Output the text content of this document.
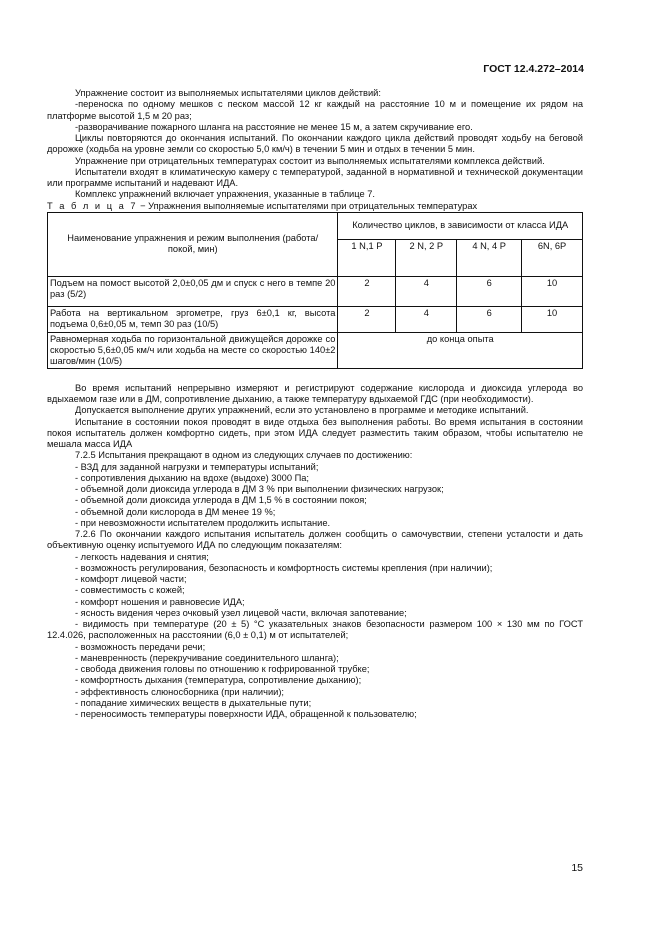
ГОСТ 12.4.272–2014

Упражнение состоит из выполняемых испытателями циклов действий:

-переноска по одному мешков с песком массой 12 кг каждый на расстояние 10 м и помещение их рядом на платформе высотой 1,5 м 20 раз;

-разворачивание пожарного шланга на расстояние не менее 15 м, а затем скручивание его.

Циклы повторяются до окончания испытаний. По окончании каждого цикла действий проводят ходьбу на беговой дорожке (ходьба на уровне земли со скоростью 5,0 км/ч) в течении 5 мин и отдых в течении 5 мин.

Упражнение при отрицательных температурах состоит из выполняемых испытателями комплекса действий.

Испытатели входят в климатическую камеру с температурой, заданной в нормативной и технической документации или программе испытаний и надевают ИДА.

Комплекс упражнений включает упражнения, указанные в таблице 7.

Т а б л и ц а 7 − Упражнения выполняемые испытателями при отрицательных температурах

Наименование упражнения и режим выполнения (работа/покой, мин)	Количество циклов, в зависимости от класса ИДА			
	1 N,1 P	2 N, 2 P	4 N, 4 P	6N, 6P
Подъем на помост высотой 2,0±0,05 дм и спуск с него в темпе 20 раз (5/2)	2	4	6	10
Работа на вертикальном эргометре, груз 6±0,1 кг, высота подъема 0,6±0,05 м, темп 30 раз (10/5)	2	4	6	10
Равномерная ходьба по горизонтальной движущейся дорожке со скоростью 5,6±0,05 км/ч или ходьба на месте со скоростью 140±2 шагов/мин (10/5)	до конца опыта			

Во время испытаний непрерывно измеряют и регистрируют содержание кислорода и диоксида углерода во вдыхаемом газе или в ДМ, сопротивление дыханию, а также температуру вдыхаемой ГДС (при необходимости).

Допускается выполнение других упражнений, если это установлено в программе и методике испытаний.

Испытание в состоянии покоя проводят в виде отдыха без выполнения работы. Во время испытания в состоянии покоя испытатель должен комфортно сидеть, при этом ИДА следует разместить таким образом, чтобы испытателю не мешала масса ИДА

7.2.5 Испытания прекращают в одном из следующих случаев по достижению:

- ВЗД для заданной нагрузки и температуры испытаний;

- сопротивления дыханию на вдохе (выдохе) 3000 Па;

- объемной доли диоксида углерода в ДМ 3 % при выполнении физических нагрузок;

- объемной доли диоксида углерода в ДМ 1,5 % в состоянии покоя;

- объемной доли кислорода в ДМ менее 19 %;

- при невозможности испытателем продолжить испытание.

7.2.6 По окончании каждого испытания испытатель должен сообщить о самочувствии, степени усталости и дать объективную оценку испытуемого ИДА по следующим показателям:

- легкость надевания и снятия;

- возможность регулирования, безопасность и комфортность системы крепления (при наличии);

- комфорт лицевой части;

- совместимость с кожей;

- комфорт ношения и равновесие ИДА;

- ясность видения через очковый узел лицевой части, включая запотевание;

- видимость при температуре (20 ± 5) °С указательных знаков безопасности размером 100 × 130 мм по ГОСТ 12.4.026, расположенных на расстоянии (6,0 ± 0,1) м от испытателей;

- возможность передачи речи;

- маневренность (перекручивание соединительного шланга);

- свобода движения головы по отношению к гофрированной трубке;

- комфортность дыхания (температура, сопротивление дыханию);

- эффективность слюносборника (при наличии);

- попадание химических веществ в дыхательные пути;

- переносимость температуры поверхности ИДА, обращенной к пользователю;

15
